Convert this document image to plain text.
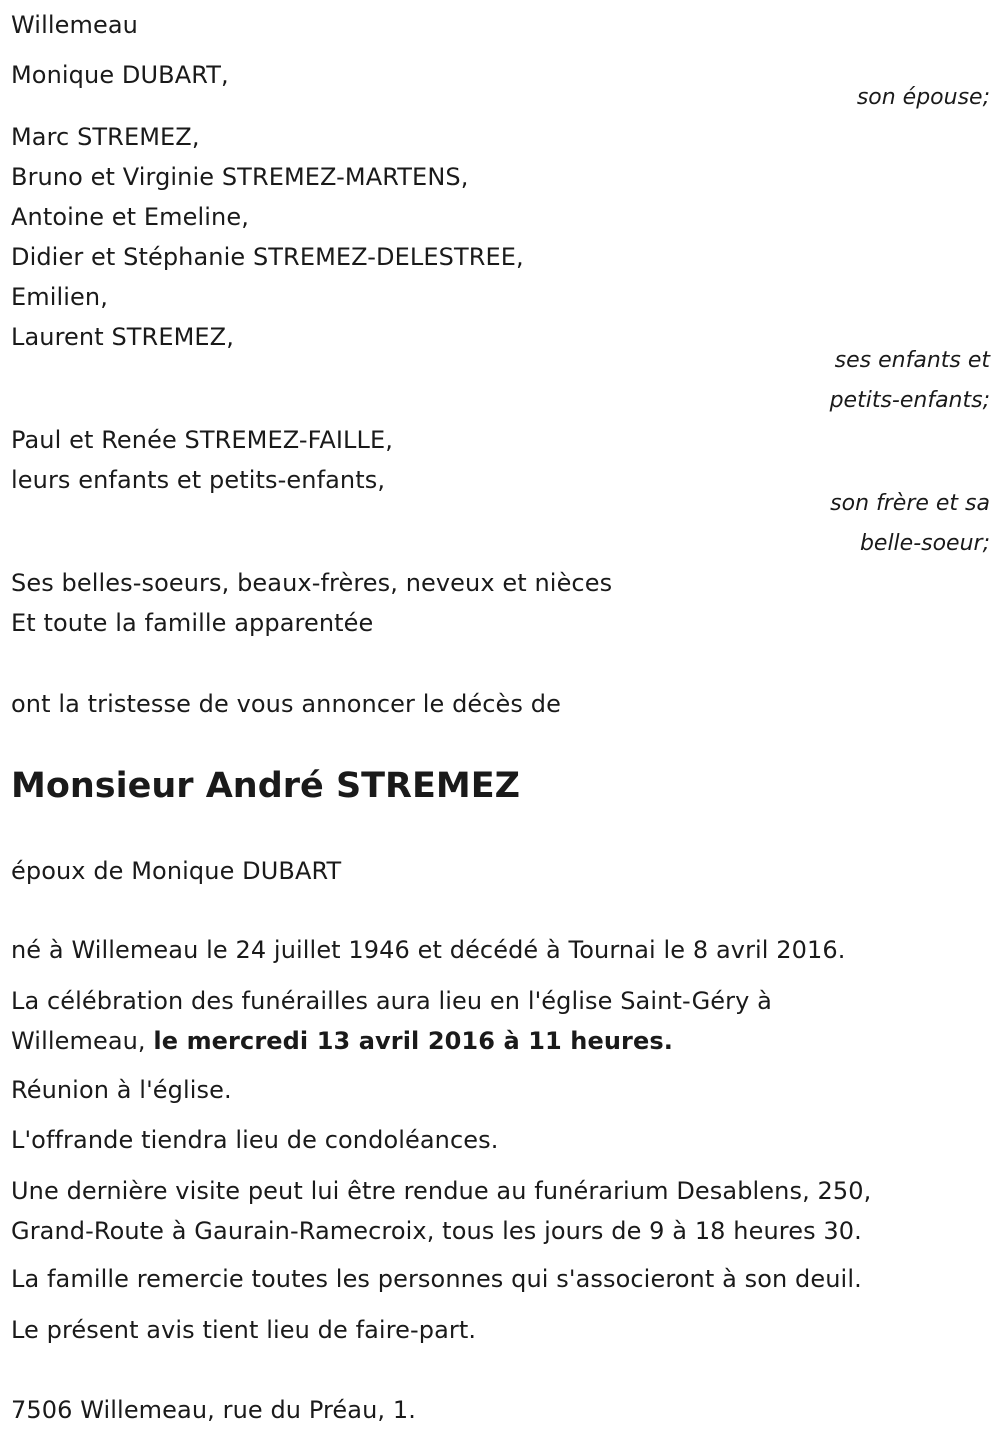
Willemeau
Monique DUBART,
son épouse;
Marc STREMEZ,
Bruno et Virginie STREMEZ-MARTENS,
Antoine et Emeline,
Didier et Stéphanie STREMEZ-DELESTREE,
Emilien,
Laurent STREMEZ,
ses enfants et
petits-enfants;
Paul et Renée STREMEZ-FAILLE,
leurs enfants et petits-enfants,
son frère et sa
belle-soeur;
Ses belles-soeurs, beaux-frères, neveux et nièces
Et toute la famille apparentée
ont la tristesse de vous annoncer le décès de
Monsieur André STREMEZ
époux de Monique DUBART
né à Willemeau le 24 juillet 1946 et décédé à Tournai le 8 avril 2016.
La célébration des funérailles aura lieu en l'église Saint-Géry à
Willemeau, le mercredi 13 avril 2016 à 11 heures.
Réunion à l'église.
L'offrande tiendra lieu de condoléances.
Une dernière visite peut lui être rendue au funérarium Desablens, 250,
Grand-Route à Gaurain-Ramecroix, tous les jours de 9 à 18 heures 30.
La famille remercie toutes les personnes qui s'associeront à son deuil.
Le présent avis tient lieu de faire-part.
7506 Willemeau, rue du Préau, 1.
